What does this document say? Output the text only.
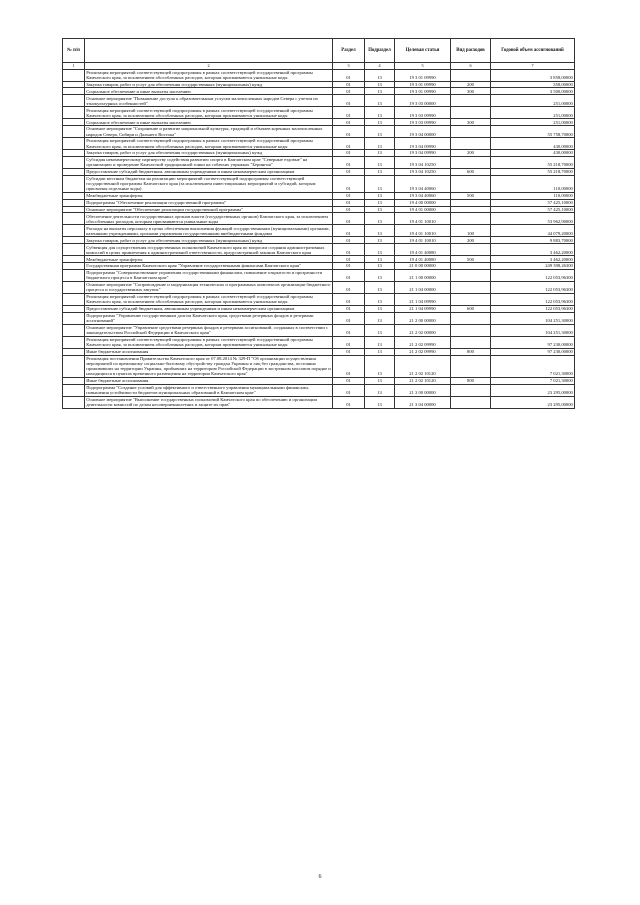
№ п/п		Раздел	Подраздел	Целевая статья	Вид расходов	Годовой объем ассигнований
1	2	3	4	5	6	7
	Реализация мероприятий соответствующей подпрограммы в рамках соответствующей государственной программы Камчатского края, за исключением обособленных расходов, которым присваиваются уникальные коды	01	13	19 3 01 09990		3 858,00000
	Закупка товаров, работ и услуг для обеспечения государственных (муниципальных) нужд	01	13	19 3 01 09990	200	358,00000
	Социальное обеспечение и иные выплаты населению	01	13	19 3 01 09990	300	3 500,00000
	Основное мероприятие "Повышение доступа к образовательным услугам малочисленных народов Севера с учетом их этнокультурных особенностей"	01	13	19 3 03 00000		251,00000
	Реализация мероприятий соответствующей подпрограммы в рамках соответствующей государственной программы Камчатского края, за исключением обособленных расходов, которым присваиваются уникальные коды	01	13	19 3 03 09990		251,00000
	Социальное обеспечение и иные выплаты населению	01	13	19 3 03 09990	300	251,00000
	Основное мероприятие "Сохранение и развитие национальной культуры, традиций и обычаев коренных малочисленных народов Севера, Сибири и Дальнего Востока"	01	13	19 3 04 00000		55 758,70000
	Реализация мероприятий соответствующей подпрограммы в рамках соответствующей государственной программы Камчатского края, за исключением обособленных расходов, которым присваиваются уникальные коды	01	13	19 3 04 09990		430,00000
	Закупка товаров, работ и услуг для обеспечения государственных (муниципальных) нужд	01	13	19 3 04 09990	200	430,00000
	Субсидия некоммерческому партнерству содействия развитию спорта в Камчатском крае "Северные ездовые" на организацию и проведение Камчатской традиционной гонки на собачьих упряжках "Берингия"	01	13	19 3 04 10250		55 218,70000
	Предоставление субсидий бюджетным, автономным учреждениям и иным некоммерческим организациям	01	13	19 3 04 10250	600	55 218,70000
	Субсидии местным бюджетам на реализацию мероприятий соответствующей подпрограммы соответствующей государственной программы Камчатского края (за исключением инвестиционных мероприятий и субсидий, которым присвоены отдельные коды)	01	13	19 3 04 40060		110,00000
	Межбюджетные трансферты	01	13	19 3 04 40060	500	110,00000
	Подпрограмма "Обеспечение реализации государственной программы"	01	13	19 4 00 00000		57 425,10000
	Основное мероприятие "Обеспечение реализации государственной программы"	01	13	19 4 01 00000		57 425,10000
	Обеспечение деятельности государственных органов власти (государственных органов) Камчатского края, за исключением обособленных расходов, которым присваиваются уникальные коды	01	13	19 4 01 10010		53 962,90000
	Расходы на выплаты персоналу в целях обеспечения выполнения функций государственными (муниципальными) органами, казенными учреждениями, органами управления государственными внебюджетными фондами	01	13	19 4 01 10010	100	44 079,20000
	Закупка товаров, работ и услуг для обеспечения государственных (муниципальных) нужд	01	13	19 4 01 10010	200	9 883,70000
	Субвенция для осуществления государственных полномочий Камчатского края по вопросам создания административных комиссий в целях привлечения к административной ответственности, предусмотренной законом Камчатского края	01	13	19 4 01 40080		3 462,20000
	Межбюджетные трансферты	01	13	19 4 01 40080	500	3 462,20000
	Государственная программа Камчатского края "Управление государственными финансами Камчатского края"	01	13	21 0 00 00000		249 398,26300
	Подпрограмма "Совершенствование управления государственными финансами, повышение открытости и прозрачности бюджетного процесса в Камчатском крае"	01	13	21 1 00 00000		122 053,96300
	Основное мероприятие "Сопровождение и модернизация технических и программных комплексов организации бюджетного процесса и государственных закупок"	01	13	21 1 04 00000		122 053,96300
	Реализация мероприятий соответствующей подпрограммы в рамках соответствующей государственной программы Камчатского края, за исключением обособленных расходов, которым присваиваются уникальные коды	01	13	21 1 04 09990		122 053,96300
	Предоставление субсидий бюджетным, автономным учреждениям и иным некоммерческим организациям	01	13	21 1 04 09990	600	122 053,96300
	Подпрограмма "Управление государственным долгом Камчатского края, средствами резервных фондов и резервами ассигнований"	01	13	21 2 00 00000		104 251,30000
	Основное мероприятие "Управление средствами резервных фондов и резервами ассигнований, созданных в соответствии с законодательством Российской Федерации и Камчатского края"	01	13	21 2 02 00000		104 251,30000
	Реализация мероприятий соответствующей подпрограммы в рамках соответствующей государственной программы Камчатского края, за исключением обособленных расходов, которым присваиваются уникальные коды	01	13	21 2 02 09990		97 230,00000
	Иные бюджетные ассигнования	01	13	21 2 02 09990	800	97 230,00000
	Реализация постановления Правительства Камчатского края от 07.08.2014 № 329-П "Об организации осуществления мероприятий по временному социально-бытовому обустройству граждан Украины и лиц без гражданства, постоянно проживавших на территории Украины, прибывших на территорию Российской Федерации в экстренном массовом порядке и находящихся в пунктах временного размещения на территории Камчатского края"	01	13	21 2 02 10120		7 021,30000
	Иные бюджетные ассигнования	01	13	21 2 02 10120	800	7 021,30000
	Подпрограмма "Создание условий для эффективного и ответственного управления муниципальными финансами, повышения устойчивости бюджетов муниципальных образований в Камчатском крае"	01	13	21 3 00 00000		23 295,00000
	Основное мероприятие "Выполнение государственных полномочий Камчатского края по обеспечению и организации деятельности комиссий по делам несовершеннолетних и защите их прав"	01	13	21 3 04 00000		23 295,00000
6
